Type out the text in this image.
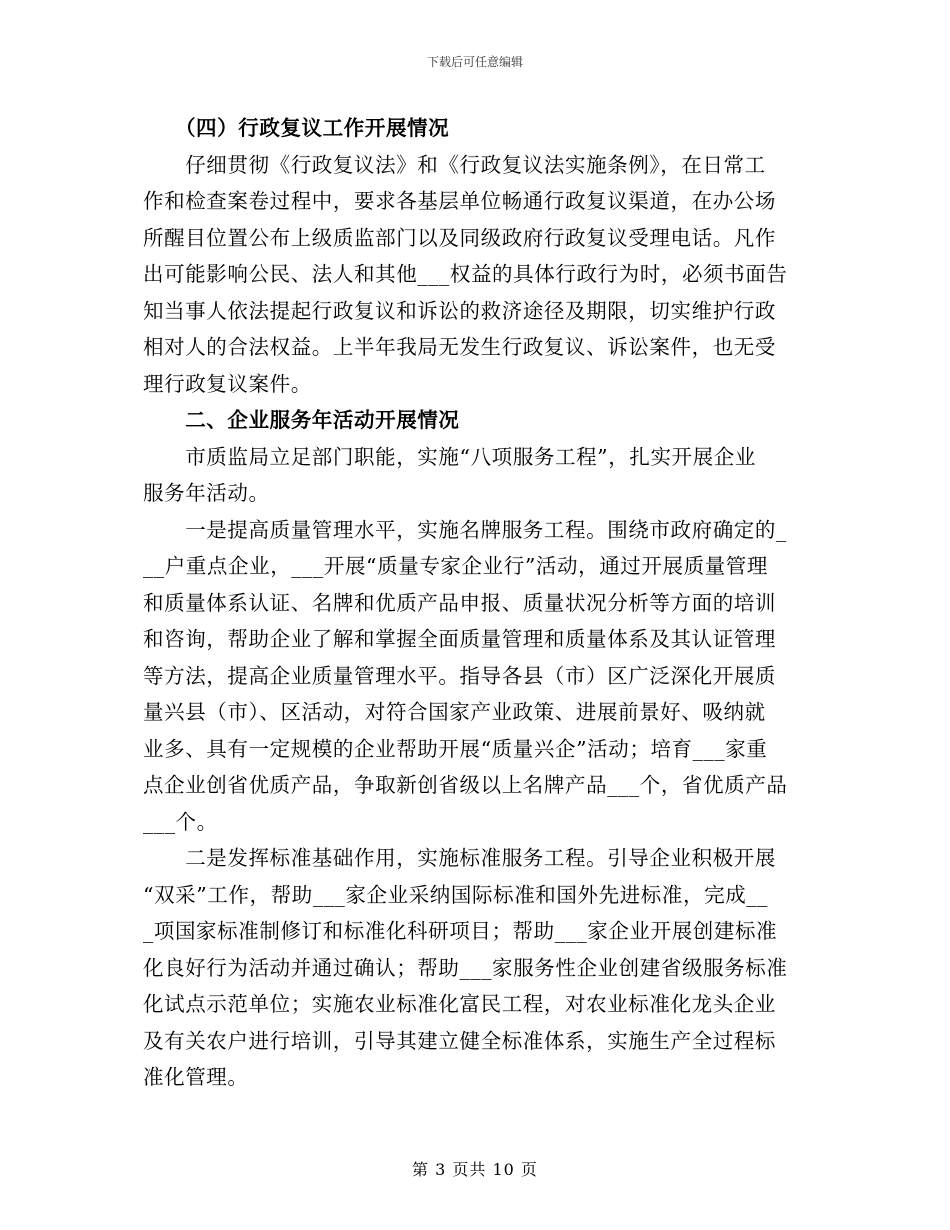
下载后可任意编辑
　　（四）行政复议工作开展情况
　　仔细贯彻《行政复议法》和《行政复议法实施条例》，在日常工
作和检查案卷过程中，要求各基层单位畅通行政复议渠道，在办公场
所醒目位置公布上级质监部门以及同级政府行政复议受理电话。凡作
出可能影响公民、法人和其他___权益的具体行政行为时，必须书面告
知当事人依法提起行政复议和诉讼的救济途径及期限，切实维护行政
相对人的合法权益。上半年我局无发生行政复议、诉讼案件，也无受
理行政复议案件。
　　二、企业服务年活动开展情况
　　市质监局立足部门职能，实施“八项服务工程”，扎实开展企业
服务年活动。
　　一是提高质量管理水平，实施名牌服务工程。围绕市政府确定的_
__户重点企业，___开展“质量专家企业行”活动，通过开展质量管理
和质量体系认证、名牌和优质产品申报、质量状况分析等方面的培训
和咨询，帮助企业了解和掌握全面质量管理和质量体系及其认证管理
等方法，提高企业质量管理水平。指导各县（市）区广泛深化开展质
量兴县（市）、区活动，对符合国家产业政策、进展前景好、吸纳就
业多、具有一定规模的企业帮助开展“质量兴企”活动；培育___家重
点企业创省优质产品，争取新创省级以上名牌产品___个，省优质产品
___个。
　　二是发挥标准基础作用，实施标准服务工程。引导企业积极开展
“双采”工作，帮助___家企业采纳国际标准和国外先进标准，完成__
_项国家标准制修订和标准化科研项目；帮助___家企业开展创建标准
化良好行为活动并通过确认；帮助___家服务性企业创建省级服务标准
化试点示范单位；实施农业标准化富民工程，对农业标准化龙头企业
及有关农户进行培训，引导其建立健全标准体系，实施生产全过程标
准化管理。
第 3 页共 10 页
